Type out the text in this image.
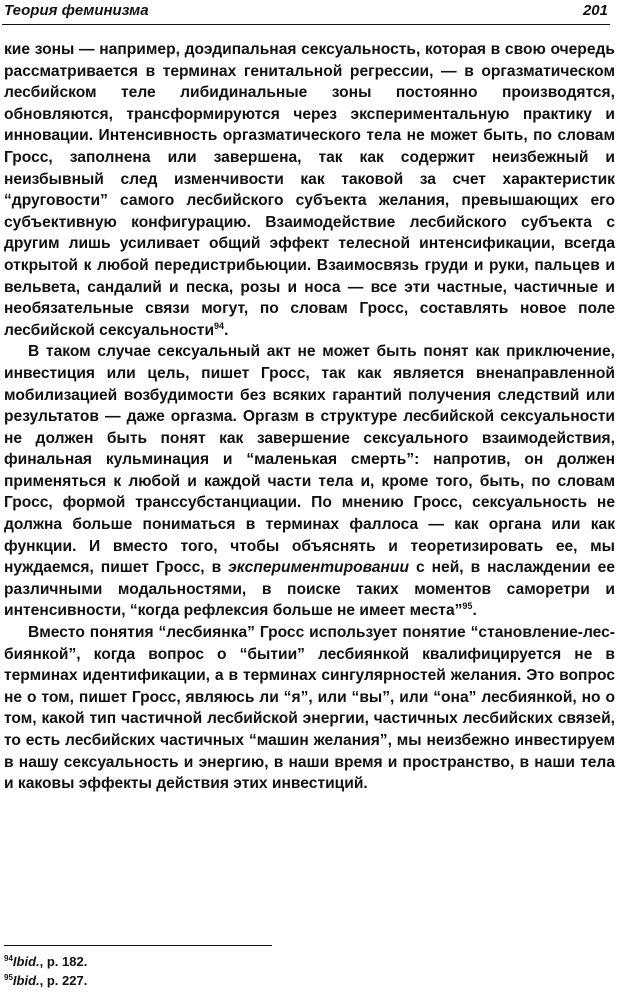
Теория феминизма	201

кие зоны — например, доэдипальная сексуальность, которая в свою очередь рассматривается в терминах генитальной регрессии, — в оргазматическом лесбийском теле либидинальные зоны постоянно производятся, обновляются, трансформируются через экспериментальную практику и инновации. Интенсивность оргазматического тела не может быть, по словам Гросс, заполнена или завершена, так как содержит неизбежный и неизбывный след изменчивости как таковой за счет характеристик “друговости” самого лесбийского субъекта желания, превышающих его субъективную конфигурацию. Взаимодействие лесбийского субъекта с другим лишь усиливает общий эффект телесной интенсификации, всегда открытой к любой передистрибьюции. Взаимосвязь груди и руки, пальцев и вельвета, сандалий и песка, розы и носа — все эти частные, частичные и необязательные связи могут, по словам Гросс, составлять новое поле лесбийской сексуальности$^{94}$.

В таком случае сексуальный акт не может быть понят как приключение, инвестиция или цель, пишет Гросс, так как является вненаправленной мобилизацией возбудимости без всяких гарантий получения следствий или результатов — даже оргазма. Оргазм в структуре лесбийской сексуальности не должен быть понят как завершение сексуального взаимодействия, финальная кульминация и “маленькая смерть”: напротив, он должен применяться к любой и каждой части тела и, кроме того, быть, по словам Гросс, формой транссубстанциации. По мнению Гросс, сексуальность не должна больше пониматься в терминах фаллоса — как органа или как функции. И вместо того, чтобы объяснять и теоретизировать ее, мы нуждаемся, пишет Гросс, в экспериментировании с ней, в наслаждении ее различными модальностями, в поиске таких моментов саморетри и интенсивности, “когда рефлексия больше не имеет места”$^{95}$.

Вместо понятия “лесбиянка” Гросс использует понятие “становление-лесбиянкой”, когда вопрос о “бытии” лесбиянкой квалифицируется не в терминах идентификации, а в терминах сингулярностей желания. Это вопрос не о том, пишет Гросс, являюсь ли “я”, или “вы”, или “она” лесбиянкой, но о том, какой тип частичной лесбийской энергии, частичных лесбийских связей, то есть лесбийских частичных “машин желания”, мы неизбежно инвестируем в нашу сексуальность и энергию, в наши время и пространство, в наши тела и каковы эффекты действия этих инвестиций.

$^{94}$Ibid., p. 182.
$^{95}$Ibid., p. 227.
